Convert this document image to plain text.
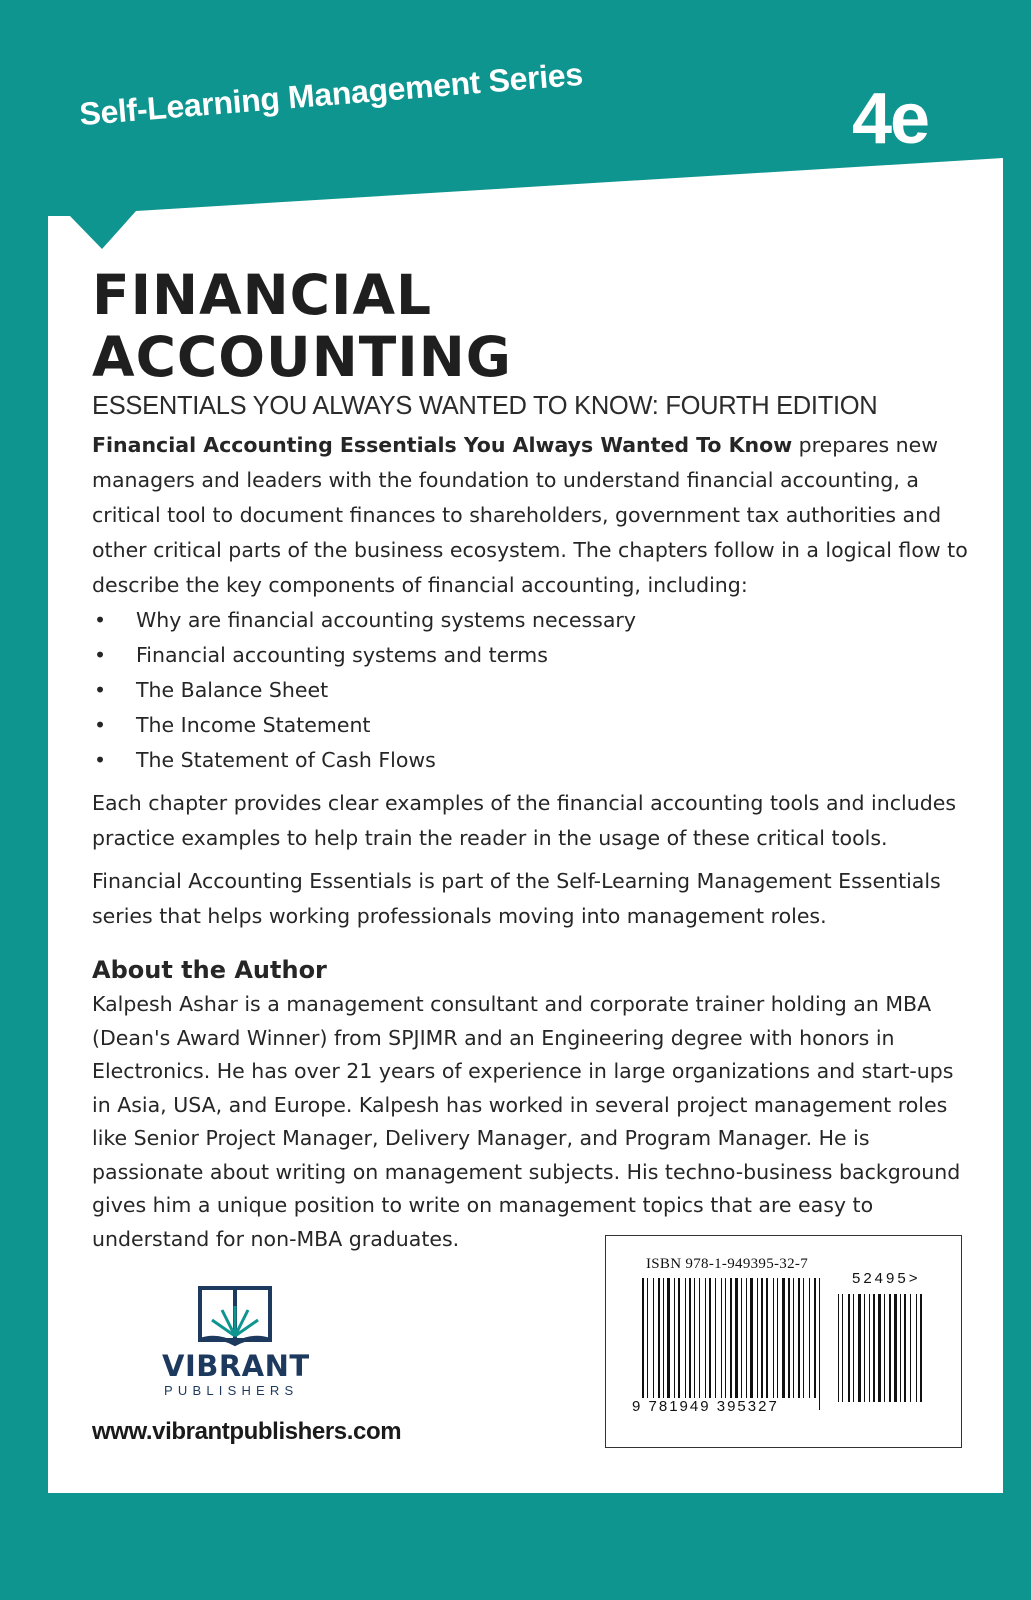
Self-Learning Management Series	4e
FINANCIAL
ACCOUNTING
ESSENTIALS YOU ALWAYS WANTED TO KNOW: FOURTH EDITION

Financial Accounting Essentials You Always Wanted To Know prepares new managers and leaders with the foundation to understand financial accounting, a critical tool to document finances to shareholders, government tax authorities and other critical parts of the business ecosystem. The chapters follow in a logical flow to describe the key components of financial accounting, including:

• Why are financial accounting systems necessary
• Financial accounting systems and terms
• The Balance Sheet
• The Income Statement
• The Statement of Cash Flows

Each chapter provides clear examples of the financial accounting tools and includes practice examples to help train the reader in the usage of these critical tools.

Financial Accounting Essentials is part of the Self-Learning Management Essentials series that helps working professionals moving into management roles.

About the Author

Kalpesh Ashar is a management consultant and corporate trainer holding an MBA (Dean's Award Winner) from SPJIMR and an Engineering degree with honors in Electronics. He has over 21 years of experience in large organizations and start-ups in Asia, USA, and Europe. Kalpesh has worked in several project management roles like Senior Project Manager, Delivery Manager, and Program Manager. He is passionate about writing on management subjects. His techno-business background gives him a unique position to write on management topics that are easy to understand for non-MBA graduates.

VIBRANT
PUBLISHERS
www.vibrantpublishers.com
ISBN 978-1-949395-32-7
52495>
9 781949 395327
